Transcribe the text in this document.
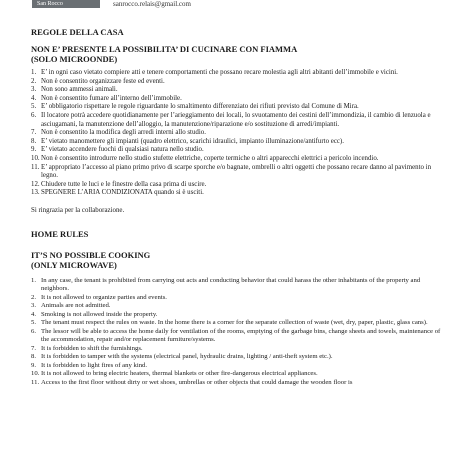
San Rocco	sanrocco.relais@gmail.com

REGOLE DELLA CASA

NON E’ PRESENTE LA POSSIBILITA’ DI CUCINARE CON FIAMMA

(SOLO MICROONDE)

E’ in ogni caso vietato compiere atti e tenere comportamenti che possano recare molestia agli altri abitanti dell’immobile e vicini.
Non è consentito organizzare feste ed eventi.
Non sono ammessi animali.
Non è consentito fumare all’interno dell’immobile.
E’ obbligatorio rispettare le regole riguardante lo smaltimento differenziato dei rifiuti previsto dal Comune di Mira.
Il locatore potrà accedere quotidianamente per l’arieggiamento dei locali, lo svuotamento dei cestini dell’immondizia, il cambio di lenzuola e asciugamani, la manutenzione dell’alloggio, la manutenzione/riparazione e/o sostituzione di arredi/impianti.
Non è consentito la modifica degli arredi interni allo studio.
E’ vietato manomettere gli impianti (quadro elettrico, scarichi idraulici, impianto illuminazione/antifurto ecc).
E’ vietato accendere fuochi di qualsiasi natura nello studio.
Non è consentito introdurre nello studio stufette elettriche, coperte termiche o altri apparecchi elettrici a pericolo incendio.
E’ appropriato l’accesso al piano primo privo di scarpe sporche e/o bagnate, ombrelli o altri oggetti che possano recare danno al pavimento in legno.
Chiudere tutte le luci e le finestre della casa prima di uscire.
SPEGNERE L’ARIA CONDIZIONATA quando si è usciti.

Si ringrazia per la collaborazione.

HOME RULES

IT’S NO POSSIBLE COOKING

(ONLY MICROWAVE)

In any case, the tenant is prohibited from carrying out acts and conducting behavior that could harass the other inhabitants of the property and neighbors.
It is not allowed to organize parties and events.
Animals are not admitted.
Smoking is not allowed inside the property.
The tenant must respect the rules on waste. In the home there is a corner for the separate collection of waste (wet, dry, paper, plastic, glass cans).
The lessor will be able to access the home daily for ventilation of the rooms, emptying of the garbage bins, change sheets and towels, maintenance of the accommodation, repair and/or replacement furniture/systems.
It is forbidden to shift the furnishings.
It is forbidden to tamper with the systems (electrical panel, hydraulic drains, lighting / anti-theft system etc.).
It is forbidden to light fires of any kind.
It is not allowed to bring electric heaters, thermal blankets or other fire-dangerous electrical appliances.
Access to the first floor without dirty or wet shoes, umbrellas or other objects that could damage the wooden floor is
